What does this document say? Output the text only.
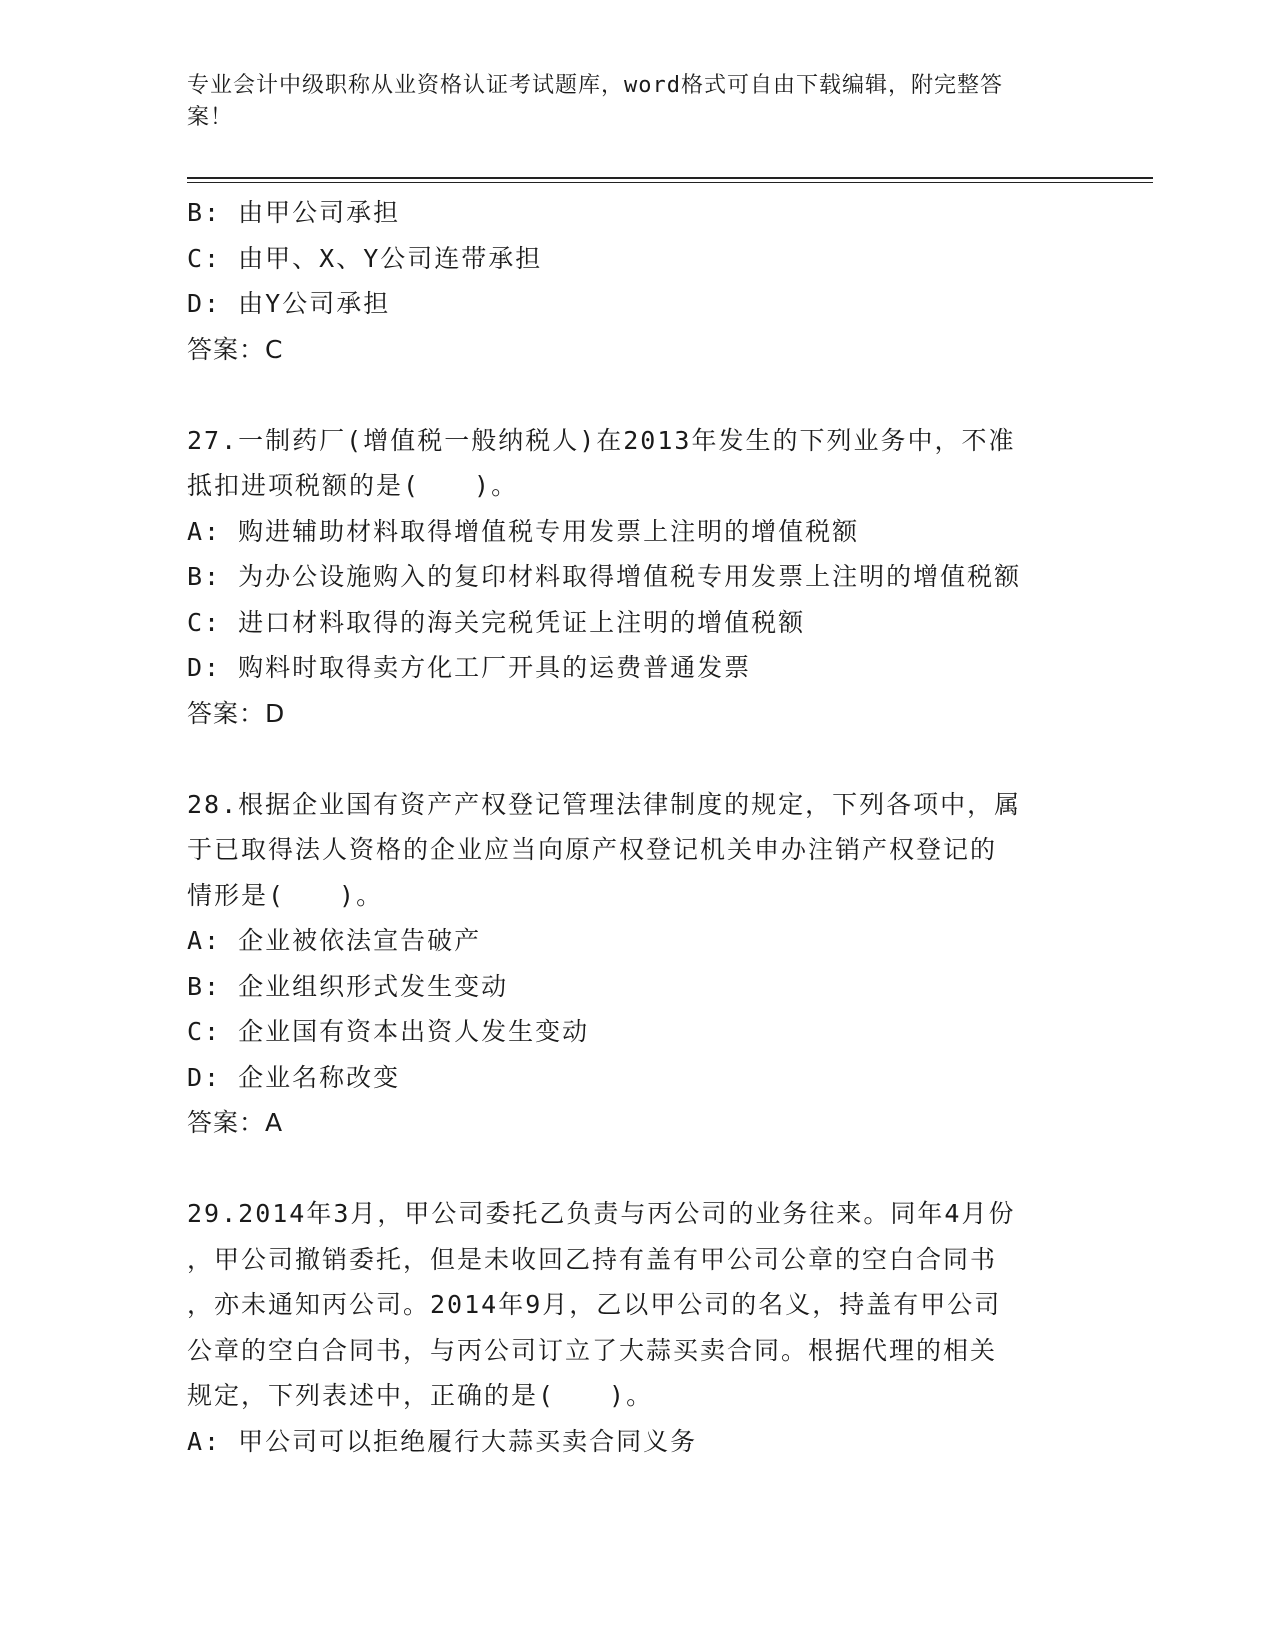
专业会计中级职称从业资格认证考试题库，word格式可自由下载编辑，附完整答
案！
B: 由甲公司承担
C: 由甲、X、Y公司连带承担
D: 由Y公司承担
答案：C
27.一制药厂(增值税一般纳税人)在2013年发生的下列业务中，不准
抵扣进项税额的是(　　)。
A: 购进辅助材料取得增值税专用发票上注明的增值税额
B: 为办公设施购入的复印材料取得增值税专用发票上注明的增值税额
C: 进口材料取得的海关完税凭证上注明的增值税额
D: 购料时取得卖方化工厂开具的运费普通发票
答案：D
28.根据企业国有资产产权登记管理法律制度的规定，下列各项中，属
于已取得法人资格的企业应当向原产权登记机关申办注销产权登记的
情形是(　　)。
A: 企业被依法宣告破产
B: 企业组织形式发生变动
C: 企业国有资本出资人发生变动
D: 企业名称改变
答案：A
29.2014年3月，甲公司委托乙负责与丙公司的业务往来。同年4月份
，甲公司撤销委托，但是未收回乙持有盖有甲公司公章的空白合同书
，亦未通知丙公司。2014年9月，乙以甲公司的名义，持盖有甲公司
公章的空白合同书，与丙公司订立了大蒜买卖合同。根据代理的相关
规定，下列表述中，正确的是(　　)。
A: 甲公司可以拒绝履行大蒜买卖合同义务
